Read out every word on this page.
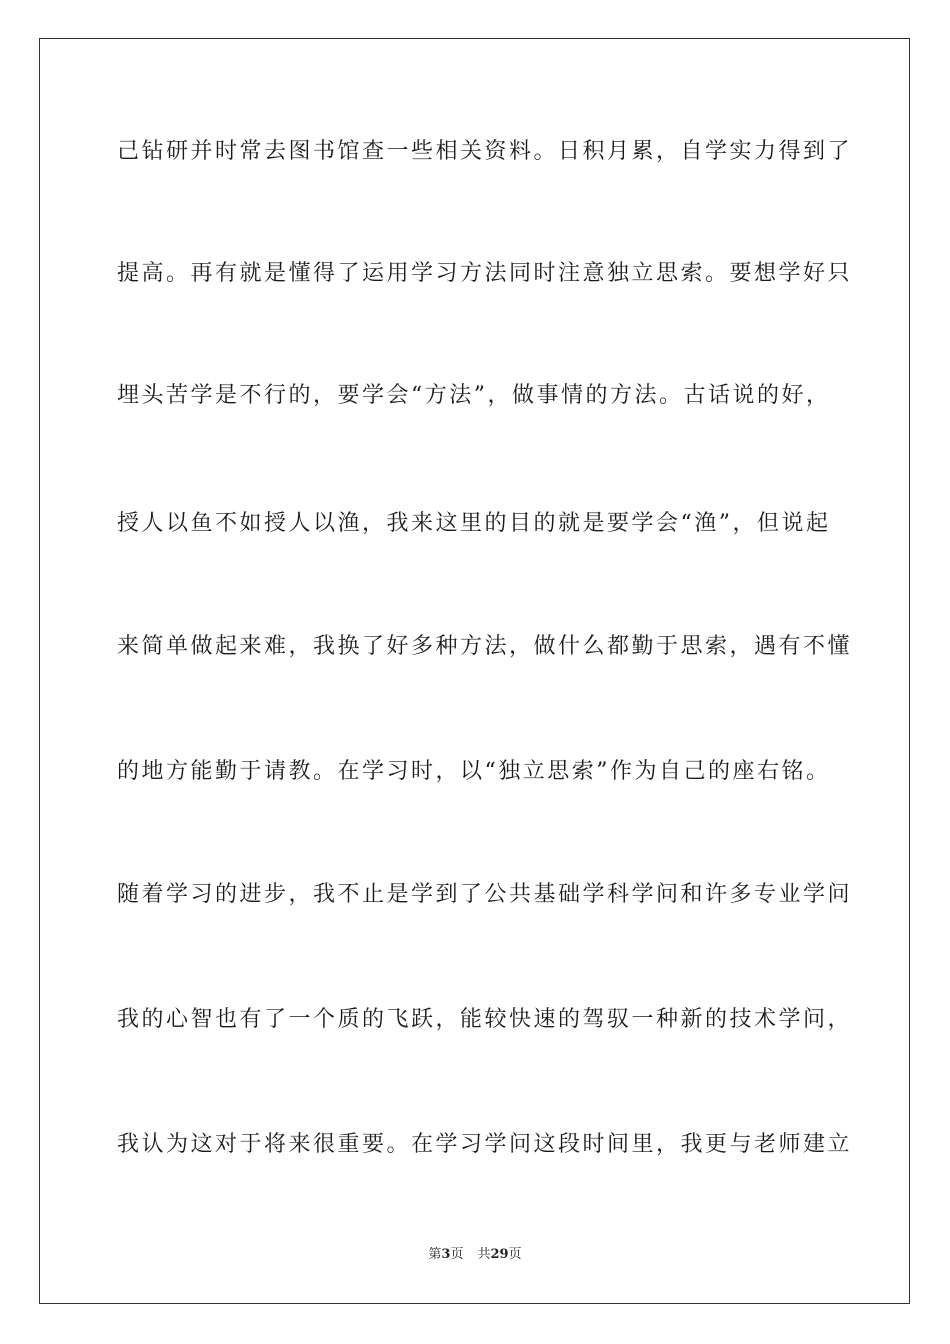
己钻研并时常去图书馆查一些相关资料。日积月累，自学实力得到了
提高。再有就是懂得了运用学习方法同时注意独立思索。要想学好只
埋头苦学是不行的，要学会“方法”，做事情的方法。古话说的好，
授人以鱼不如授人以渔，我来这里的目的就是要学会“渔”，但说起
来简单做起来难，我换了好多种方法，做什么都勤于思索，遇有不懂
的地方能勤于请教。在学习时，以“独立思索”作为自己的座右铭。
随着学习的进步，我不止是学到了公共基础学科学问和许多专业学问
我的心智也有了一个质的飞跃，能较快速的驾驭一种新的技术学问，
我认为这对于将来很重要。在学习学问这段时间里，我更与老师建立
第3页 共29页
